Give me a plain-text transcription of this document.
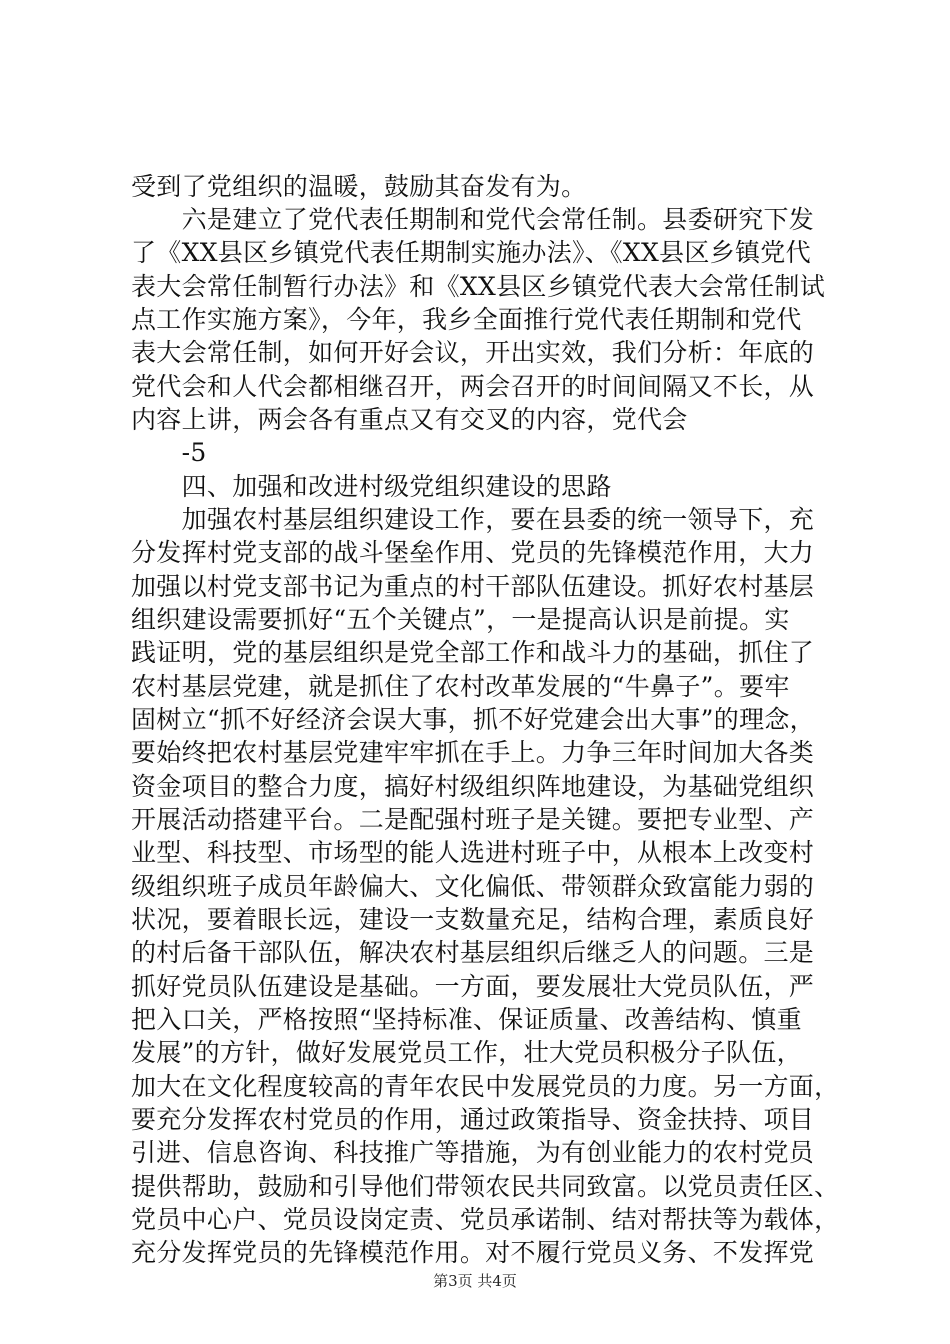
受到了党组织的温暖，鼓励其奋发有为。
　　六是建立了党代表任期制和党代会常任制。县委研究下发
了《XX县区乡镇党代表任期制实施办法》、《XX县区乡镇党代
表大会常任制暂行办法》和《XX县区乡镇党代表大会常任制试
点工作实施方案》，今年，我乡全面推行党代表任期制和党代
表大会常任制，如何开好会议，开出实效，我们分析：年底的
党代会和人代会都相继召开，两会召开的时间间隔又不长，从
内容上讲，两会各有重点又有交叉的内容，党代会
　　-5
　　四、加强和改进村级党组织建设的思路
　　加强农村基层组织建设工作，要在县委的统一领导下，充
分发挥村党支部的战斗堡垒作用、党员的先锋模范作用，大力
加强以村党支部书记为重点的村干部队伍建设。抓好农村基层
组织建设需要抓好“五个关键点”，一是提高认识是前提。实
践证明，党的基层组织是党全部工作和战斗力的基础，抓住了
农村基层党建，就是抓住了农村改革发展的“牛鼻子”。要牢
固树立“抓不好经济会误大事，抓不好党建会出大事”的理念，
要始终把农村基层党建牢牢抓在手上。力争三年时间加大各类
资金项目的整合力度，搞好村级组织阵地建设，为基础党组织
开展活动搭建平台。二是配强村班子是关键。要把专业型、产
业型、科技型、市场型的能人选进村班子中，从根本上改变村
级组织班子成员年龄偏大、文化偏低、带领群众致富能力弱的
状况，要着眼长远，建设一支数量充足，结构合理，素质良好
的村后备干部队伍，解决农村基层组织后继乏人的问题。三是
抓好党员队伍建设是基础。一方面，要发展壮大党员队伍，严
把入口关，严格按照“坚持标准、保证质量、改善结构、慎重
发展”的方针，做好发展党员工作，壮大党员积极分子队伍，
加大在文化程度较高的青年农民中发展党员的力度。另一方面，
要充分发挥农村党员的作用，通过政策指导、资金扶持、项目
引进、信息咨询、科技推广等措施，为有创业能力的农村党员
提供帮助，鼓励和引导他们带领农民共同致富。以党员责任区、
党员中心户、党员设岗定责、党员承诺制、结对帮扶等为载体，
充分发挥党员的先锋模范作用。对不履行党员义务、不发挥党
第3页 共4页
